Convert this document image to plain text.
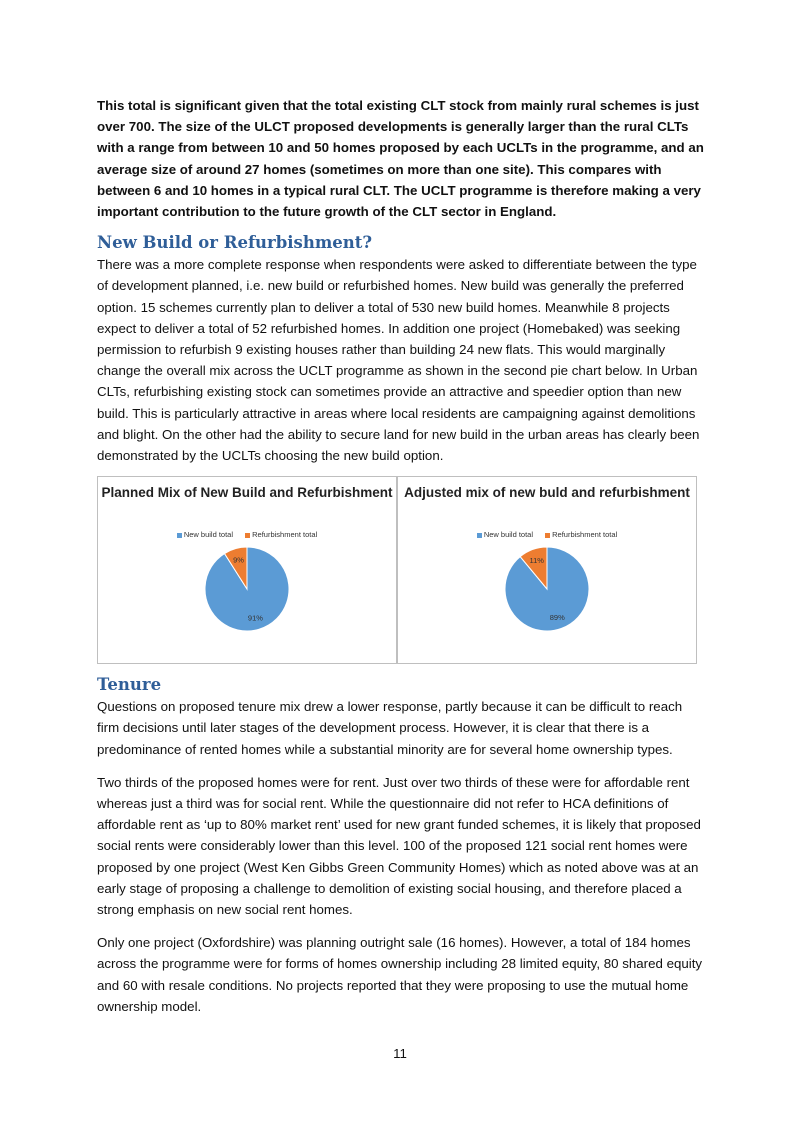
This total is significant given that the total existing CLT stock from mainly rural schemes is just over 700. The size of the ULCT proposed developments is generally larger than the rural CLTs with a range from between 10 and 50 homes proposed by each UCLTs in the programme, and an average size of around 27 homes (sometimes on more than one site). This compares with between 6 and 10 homes in a typical rural CLT. The UCLT programme is therefore making a very important contribution to the future growth of the CLT sector in England.

New Build or Refurbishment?

There was a more complete response when respondents were asked to differentiate between the type of development planned, i.e. new build or refurbished homes. New build was generally the preferred option. 15 schemes currently plan to deliver a total of 530 new build homes. Meanwhile 8 projects expect to deliver a total of 52 refurbished homes. In addition one project (Homebaked) was seeking permission to refurbish 9 existing houses rather than building 24 new flats. This would marginally change the overall mix across the UCLT programme as shown in the second pie chart below. In Urban CLTs, refurbishing existing stock can sometimes provide an attractive and speedier option than new build. This is particularly attractive in areas where local residents are campaigning against demolitions and blight. On the other had the ability to secure land for new build in the urban areas has clearly been demonstrated by the UCLTs choosing the new build option.

Planned Mix of New Build and Refurbishment
New build total	Refurbishment total
91%
9%
Adjusted mix of new buld and refurbishment
New build total	Refurbishment total
89%
11%
Tenure

Questions on proposed tenure mix drew a lower response, partly because it can be difficult to reach firm decisions until later stages of the development process. However, it is clear that there is a predominance of rented homes while a substantial minority are for several home ownership types.

Two thirds of the proposed homes were for rent. Just over two thirds of these were for affordable rent whereas just a third was for social rent. While the questionnaire did not refer to HCA definitions of affordable rent as ‘up to 80% market rent’ used for new grant funded schemes, it is likely that proposed social rents were considerably lower than this level. 100 of the proposed 121 social rent homes were proposed by one project (West Ken Gibbs Green Community Homes) which as noted above was at an early stage of proposing a challenge to demolition of existing social housing, and therefore placed a strong emphasis on new social rent homes.

Only one project (Oxfordshire) was planning outright sale (16 homes). However, a total of 184 homes across the programme were for forms of homes ownership including 28 limited equity, 80 shared equity and 60 with resale conditions. No projects reported that they were proposing to use the mutual home ownership model.

11
